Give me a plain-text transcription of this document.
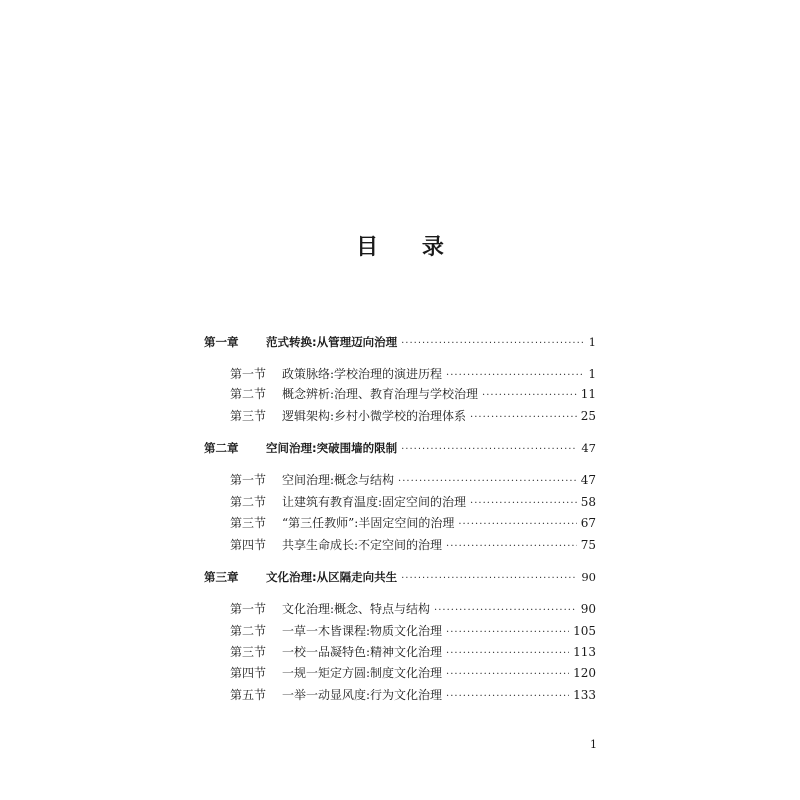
目 录
第一章	范式转换:从管理迈向治理 ·····	1
第一节	政策脉络:学校治理的演进历程 ·····	1
第二节	概念辨析:治理、教育治理与学校治理 ·····	11
第三节	逻辑架构:乡村小微学校的治理体系 ·····	25
第二章	空间治理:突破围墙的限制 ·····	47
第一节	空间治理:概念与结构 ·····	47
第二节	让建筑有教育温度:固定空间的治理 ·····	58
第三节	“第三任教师”:半固定空间的治理 ·····	67
第四节	共享生命成长:不定空间的治理 ·····	75
第三章	文化治理:从区隔走向共生 ·····	90
第一节	文化治理:概念、特点与结构 ·····	90
第二节	一草一木皆课程:物质文化治理 ·····	105
第三节	一校一品凝特色:精神文化治理 ·····	113
第四节	一规一矩定方圆:制度文化治理 ·····	120
第五节	一举一动显风度:行为文化治理 ·····	133
1
